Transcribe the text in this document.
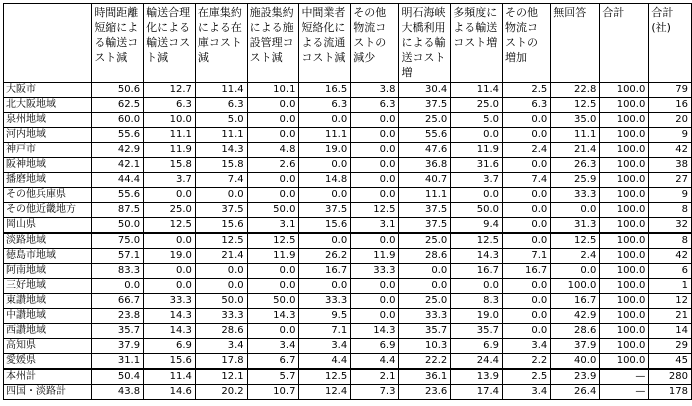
	時間距離短縮による輸送コスト減	輸送合理化による輸送コスト減	在庫集約による在庫コスト減	施設集約による施設管理コスト減	中間業者短絡化による流通コスト減	その他物流コストの減少	明石海峡大橋利用による輸送コスト増	多頻度による輸送コスト増	その他物流コストの増加	無回答	合計	合計(社)
大阪市	50.6	12.7	11.4	10.1	16.5	3.8	30.4	11.4	2.5	22.8	100.0	79
北大阪地域	62.5	6.3	6.3	0.0	6.3	6.3	37.5	25.0	6.3	12.5	100.0	16
泉州地域	60.0	10.0	5.0	0.0	0.0	0.0	25.0	5.0	0.0	35.0	100.0	20
河内地域	55.6	11.1	11.1	0.0	11.1	0.0	55.6	0.0	0.0	11.1	100.0	9
神戸市	42.9	11.9	14.3	4.8	19.0	0.0	47.6	11.9	2.4	21.4	100.0	42
阪神地域	42.1	15.8	15.8	2.6	0.0	0.0	36.8	31.6	0.0	26.3	100.0	38
播磨地域	44.4	3.7	7.4	0.0	14.8	0.0	40.7	3.7	7.4	25.9	100.0	27
その他兵庫県	55.6	0.0	0.0	0.0	0.0	0.0	11.1	0.0	0.0	33.3	100.0	9
その他近畿地方	87.5	25.0	37.5	50.0	37.5	12.5	37.5	50.0	0.0	0.0	100.0	8
岡山県	50.0	12.5	15.6	3.1	15.6	3.1	37.5	9.4	0.0	31.3	100.0	32
淡路地域	75.0	0.0	12.5	12.5	0.0	0.0	25.0	12.5	0.0	12.5	100.0	8
徳島市地域	57.1	19.0	21.4	11.9	26.2	11.9	28.6	14.3	7.1	2.4	100.0	42
阿南地域	83.3	0.0	0.0	0.0	16.7	33.3	0.0	16.7	16.7	0.0	100.0	6
三好地域	0.0	0.0	0.0	0.0	0.0	0.0	0.0	0.0	0.0	100.0	100.0	1
東讃地域	66.7	33.3	50.0	50.0	33.3	0.0	25.0	8.3	0.0	16.7	100.0	12
中讃地域	23.8	14.3	33.3	14.3	9.5	0.0	33.3	19.0	0.0	42.9	100.0	21
西讃地域	35.7	14.3	28.6	0.0	7.1	14.3	35.7	35.7	0.0	28.6	100.0	14
高知県	37.9	6.9	3.4	3.4	3.4	6.9	10.3	6.9	3.4	37.9	100.0	29
愛媛県	31.1	15.6	17.8	6.7	4.4	4.4	22.2	24.4	2.2	40.0	100.0	45
本州計	50.4	11.4	12.1	5.7	12.5	2.1	36.1	13.9	2.5	23.9	—	280
四国・淡路計	43.8	14.6	20.2	10.7	12.4	7.3	23.6	17.4	3.4	26.4	—	178
